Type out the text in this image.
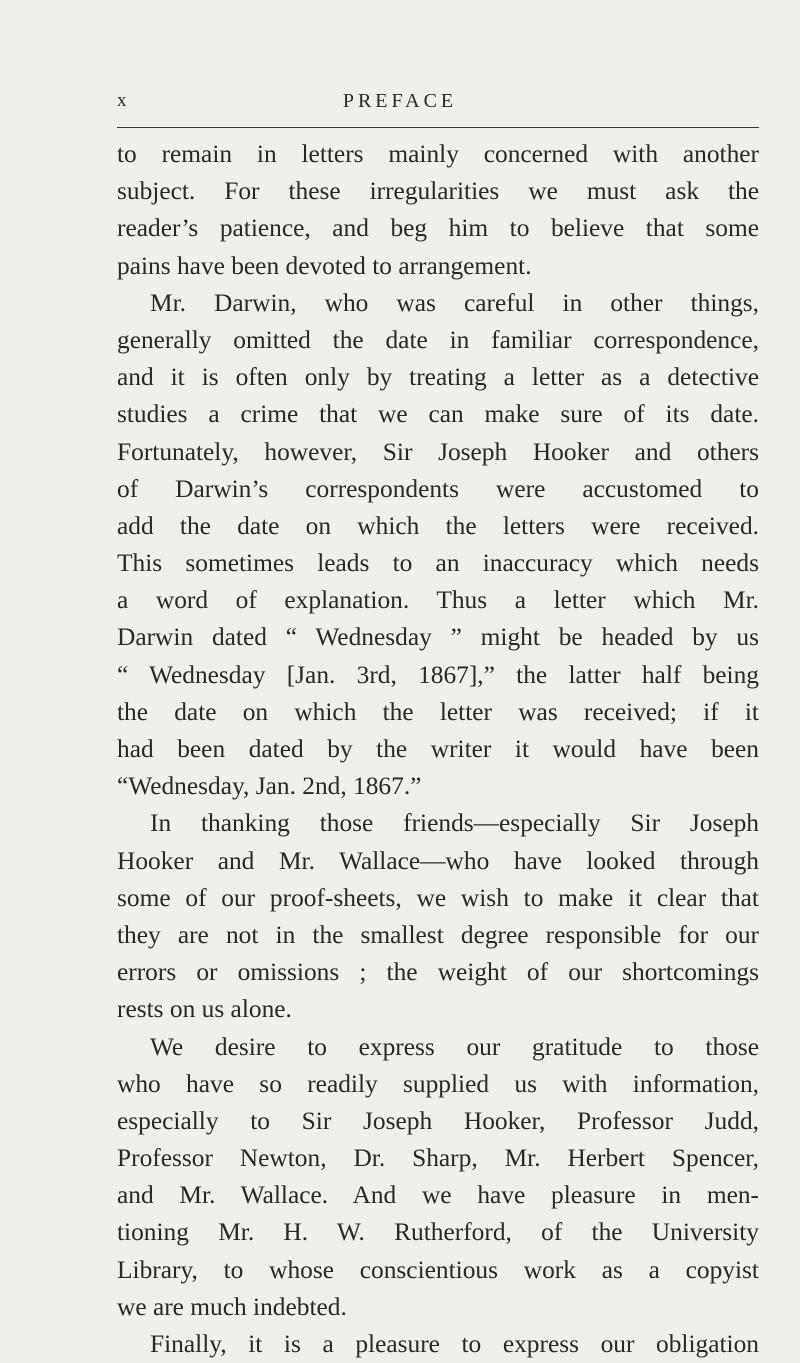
x	PREFACE
to remain in letters mainly concerned with another
subject. For these irregularities we must ask the
reader’s patience, and beg him to believe that some
pains have been devoted to arrangement.
Mr. Darwin, who was careful in other things,
generally omitted the date in familiar correspondence,
and it is often only by treating a letter as a detective
studies a crime that we can make sure of its date.
Fortunately, however, Sir Joseph Hooker and others
of Darwin’s correspondents were accustomed to
add the date on which the letters were received.
This sometimes leads to an inaccuracy which needs
a word of explanation. Thus a letter which Mr.
Darwin dated “ Wednesday ” might be headed by us
“ Wednesday [Jan. 3rd, 1867],” the latter half being
the date on which the letter was received; if it
had been dated by the writer it would have been
“Wednesday, Jan. 2nd, 1867.”
In thanking those friends—especially Sir Joseph
Hooker and Mr. Wallace—who have looked through
some of our proof-sheets, we wish to make it clear that
they are not in the smallest degree responsible for our
errors or omissions ; the weight of our shortcomings
rests on us alone.
We desire to express our gratitude to those
who have so readily supplied us with information,
especially to Sir Joseph Hooker, Professor Judd,
Professor Newton, Dr. Sharp, Mr. Herbert Spencer,
and Mr. Wallace. And we have pleasure in men-
tioning Mr. H. W. Rutherford, of the University
Library, to whose conscientious work as a copyist
we are much indebted.
Finally, it is a pleasure to express our obligation
